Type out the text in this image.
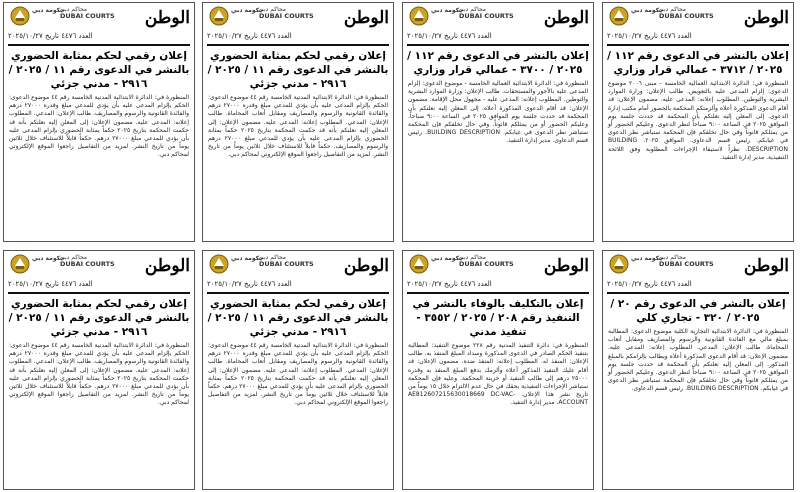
حكومة دبي
محاكم دبي
DUBAI COURTS الوطن
العدد ٤٤٧٦ تاريخ ٢٠٢٥/١٠/٢٧
إعلان بالنشر في الدعوى رقم ١١٢ / ٢٠٢٥ / ٣٧١٢ - عمالي قرار وزاري
المنظورة في: الدائرة الابتدائية العمالية الخامسة - مبنى ٢٠٠٦ موضوع الدعوى: إلزام المدعى عليه بالتعويض. طالب الإعلان: وزارة الموارد البشرية والتوطين. المطلوب إعلانه: المدعى عليه. مضمون الإعلان: قد أقام الدعوى المذكورة أعلاه وألزمتكم المحكمة بالحضور أمام مكتب إدارة الدعوى. إلى المعلن إليه نعلنكم بأن المحكمة قد حددت جلسة يوم الموافق ٢٠٢٥ في الساعة ٩:٠٠ صباحاً لنظر الدعوى. وعليكم الحضور أو من يمثلكم قانوناً وفي حال تخلفكم فإن المحكمة ستباشر نظر الدعوى في غيابكم. رئيس قسم الدعاوى. الموافق ٢٠٢٥. BUILDING DESCRIPTION. نظراً لاستيفاء الإجراءات المطلوبة وفق اللائحة التنفيذية. مدير إدارة التنفيذ.
حكومة دبي
محاكم دبي
DUBAI COURTS الوطن
العدد ٤٤٧٦ تاريخ ٢٠٢٥/١٠/٢٧
إعلان بالنشر في الدعوى رقم ١١٢ / ٢٠٢٥ / ٣٧٠٠ - عمالي قرار وزاري
المنظورة في: الدائرة الابتدائية العمالية الخامسة - موضوع الدعوى: إلزام المدعى عليه بالأجور والمستحقات. طالب الإعلان: وزارة الموارد البشرية والتوطين. المطلوب إعلانه: المدعى عليه - مجهول محل الإقامة. مضمون الإعلان: قد أقام الدعوى المذكورة أعلاه. إلى المعلن إليه نعلنكم بأن المحكمة قد حددت جلسة يوم الموافق ٢٠٢٥ في الساعة ٩:٠٠ صباحاً. وعليكم الحضور أو من يمثلكم قانوناً. وفي حال تخلفكم فإن المحكمة ستباشر نظر الدعوى في غيابكم. BUILDING DESCRIPTION. رئيس قسم الدعاوى. مدير إدارة التنفيذ.
حكومة دبي
محاكم دبي
DUBAI COURTS الوطن
العدد ٤٤٧٦ تاريخ ٢٠٢٥/١٠/٢٧
إعلان رقمي لحكم بمثابة الحضوري بالنشر في الدعوى رقم ١١ / ٢٠٢٥ / ٢٩١٦ - مدني جزئي
المنظورة في: الدائرة الابتدائية المدنية الخامسة رقم ٤٤ موضوع الدعوى: الحكم بإلزام المدعى عليه بأن يؤدي للمدعي مبلغ وقدره ٢٧٠٠٠ درهم والفائدة القانونية والرسوم والمصاريف ومقابل أتعاب المحاماة. طالب الإعلان: المدعي. المطلوب إعلانه: المدعى عليه. مضمون الإعلان: إلى المعلن إليه نعلنكم بأنه قد حكمت المحكمة بتاريخ ٢٠٢٥ حكماً بمثابة الحضوري بإلزام المدعى عليه بأن يؤدي للمدعي مبلغ ٢٧٠٠٠ درهم والرسوم والمصاريف. حكماً قابلاً للاستئناف خلال ثلاثين يوماً من تاريخ النشر. لمزيد من التفاصيل راجعوا الموقع الإلكتروني لمحاكم دبي.
حكومة دبي
محاكم دبي
DUBAI COURTS الوطن
العدد ٤٤٧٦ تاريخ ٢٠٢٥/١٠/٢٧
إعلان رقمي لحكم بمثابة الحضوري بالنشر في الدعوى رقم ١١ / ٢٠٢٥ / ٢٩١٦ - مدني جزئي
المنظورة في: الدائرة الابتدائية المدنية الخامسة رقم ٤٤ موضوع الدعوى: الحكم بإلزام المدعى عليه بأن يؤدي للمدعي مبلغ وقدره ٢٧٠٠٠ درهم والفائدة القانونية والرسوم والمصاريف. طالب الإعلان: المدعي. المطلوب إعلانه: المدعى عليه. مضمون الإعلان: إلى المعلن إليه نعلنكم بأنه قد حكمت المحكمة بتاريخ ٢٠٢٥ حكماً بمثابة الحضوري بإلزام المدعى عليه بأن يؤدي للمدعي مبلغ ٢٧٠٠٠ درهم. حكماً قابلاً للاستئناف خلال ثلاثين يوماً من تاريخ النشر. لمزيد من التفاصيل راجعوا الموقع الإلكتروني لمحاكم دبي.
حكومة دبي
محاكم دبي
DUBAI COURTS الوطن
العدد ٤٤٧٦ تاريخ ٢٠٢٥/١٠/٢٧
إعلان بالنشر في الدعوى رقم ٢٠ / ٢٠٢٥ / ٣٢٠ - تجاري كلي
المنظورة في: الدائرة الابتدائية التجارية الكلية موضوع الدعوى: المطالبة بمبلغ مالي مع الفائدة القانونية والرسوم والمصاريف ومقابل أتعاب المحاماة. طالب الإعلان: المدعي. المطلوب إعلانه: المدعى عليه. مضمون الإعلان: قد أقام الدعوى المذكورة أعلاه ويطالب بإلزامكم بالمبلغ المذكور. إلى المعلن إليه نعلنكم بأن المحكمة قد حددت جلسة يوم الموافق ٢٠٢٥ في الساعة ٩:٠٠ صباحاً لنظر الدعوى. وعليكم الحضور أو من يمثلكم قانوناً وفي حال تخلفكم فإن المحكمة ستباشر نظر الدعوى في غيابكم. BUILDING DESCRIPTION. رئيس قسم الدعاوى.
حكومة دبي
محاكم دبي
DUBAI COURTS الوطن
العدد ٤٤٧٦ تاريخ ٢٠٢٥/١٠/٢٧
إعلان بالتكليف بالوفاء بالنشر في التنفيذ رقم ٢٠٨ / ٢٠٢٥ / ٣٥٥٢ - تنفيذ مدني
المنظورة في: دائرة التنفيذ المدنية رقم ٢٢٨ موضوع التنفيذ: المطالبة بتنفيذ الحكم الصادر في الدعوى المذكورة وسداد المبلغ المنفذ به. طالب الإعلان: المنفذ له. المطلوب إعلانه: المنفذ ضده. مضمون الإعلان: قد أقام عليك التنفيذ المذكور أعلاه وألزمك بدفع المبلغ المنفذ به وقدره ٢٥٠٠٠ درهم إلى طالب التنفيذ أو خزينة المحكمة. وعليه فإن المحكمة ستباشر الإجراءات التنفيذية بحقك في حال عدم الالتزام خلال ١٥ يوماً من تاريخ نشر هذا الإعلان. AE812607215630018669 DC-VAC-ACCOUNT. مدير إدارة التنفيذ.
حكومة دبي
محاكم دبي
DUBAI COURTS الوطن
العدد ٤٤٧٦ تاريخ ٢٠٢٥/١٠/٢٧
إعلان رقمي لحكم بمثابة الحضوري بالنشر في الدعوى رقم ١١ / ٢٠٢٥ / ٢٩١٦ - مدني جزئي
المنظورة في: الدائرة الابتدائية المدنية الخامسة رقم ٤٤ موضوع الدعوى: الحكم بإلزام المدعى عليه بأن يؤدي للمدعي مبلغ وقدره ٢٧٠٠٠ درهم والفائدة القانونية والرسوم والمصاريف ومقابل أتعاب المحاماة. طالب الإعلان: المدعي. المطلوب إعلانه: المدعى عليه. مضمون الإعلان: إلى المعلن إليه نعلنكم بأنه قد حكمت المحكمة بتاريخ ٢٠٢٥ حكماً بمثابة الحضوري بإلزام المدعى عليه بأن يؤدي للمدعي مبلغ ٢٧٠٠٠ درهم. حكماً قابلاً للاستئناف خلال ثلاثين يوماً من تاريخ النشر. لمزيد من التفاصيل راجعوا الموقع الإلكتروني لمحاكم دبي.
حكومة دبي
محاكم دبي
DUBAI COURTS الوطن
العدد ٤٤٧٦ تاريخ ٢٠٢٥/١٠/٢٧
إعلان رقمي لحكم بمثابة الحضوري بالنشر في الدعوى رقم ١١ / ٢٠٢٥ / ٢٩١٦ - مدني جزئي
المنظورة في: الدائرة الابتدائية المدنية الخامسة رقم ٤٤ موضوع الدعوى: الحكم بإلزام المدعى عليه بأن يؤدي للمدعي مبلغ وقدره ٢٧٠٠٠ درهم والفائدة القانونية والرسوم والمصاريف. طالب الإعلان: المدعي. المطلوب إعلانه: المدعى عليه. مضمون الإعلان: إلى المعلن إليه نعلنكم بأنه قد حكمت المحكمة بتاريخ ٢٠٢٥ حكماً بمثابة الحضوري بإلزام المدعى عليه بأن يؤدي للمدعي مبلغ ٢٧٠٠٠ درهم. حكماً قابلاً للاستئناف خلال ثلاثين يوماً من تاريخ النشر. لمزيد من التفاصيل راجعوا الموقع الإلكتروني لمحاكم دبي.
